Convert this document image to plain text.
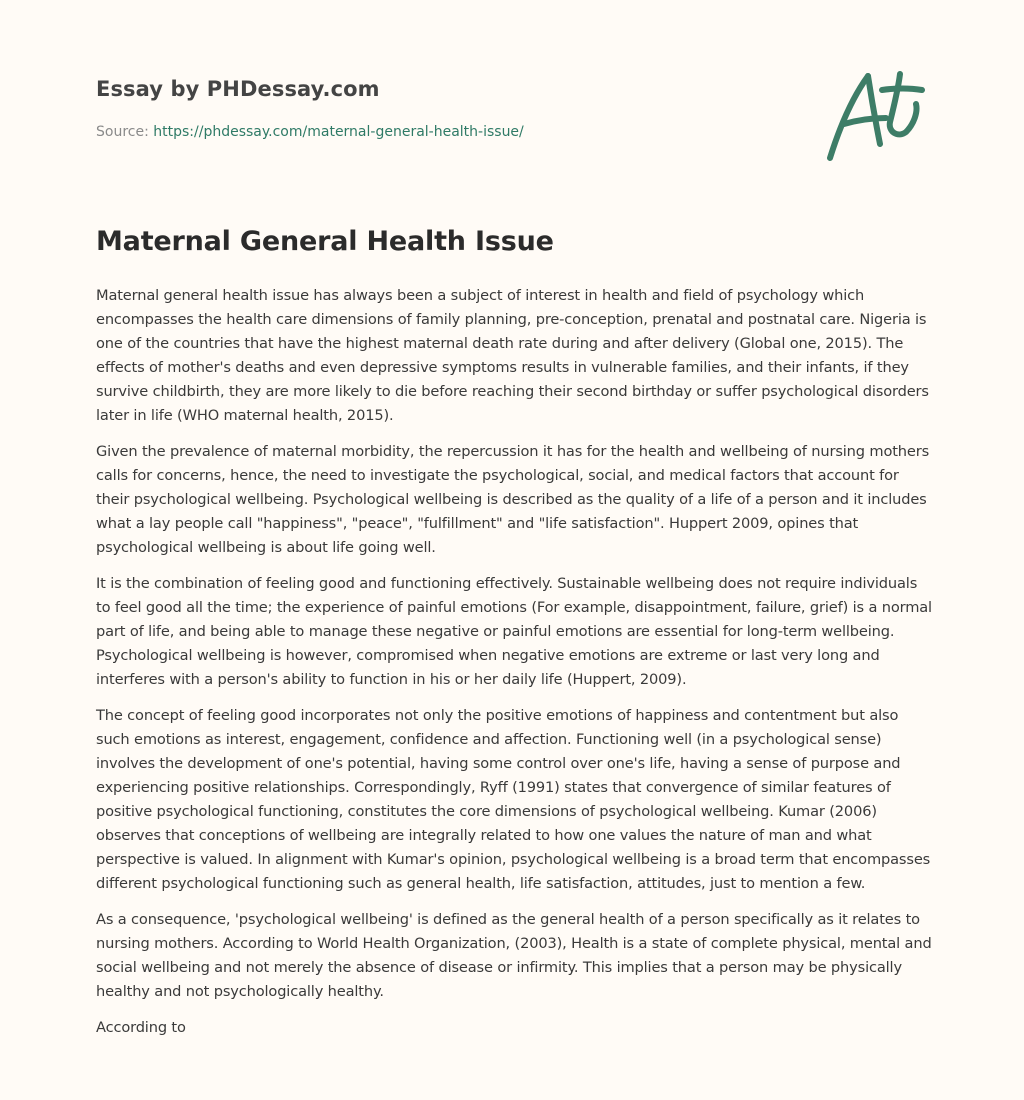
Essay by PHDessay.com
Source: https://phdessay.com/maternal-general-health-issue/
Maternal General Health Issue

Maternal general health issue has always been a subject of interest in health and field of psychology which encompasses the health care dimensions of family planning, pre-conception, prenatal and postnatal care. Nigeria is one of the countries that have the highest maternal death rate during and after delivery (Global one, 2015). The effects of mother's deaths and even depressive symptoms results in vulnerable families, and their infants, if they survive childbirth, they are more likely to die before reaching their second birthday or suffer psychological disorders later in life (WHO maternal health, 2015).

Given the prevalence of maternal morbidity, the repercussion it has for the health and wellbeing of nursing mothers calls for concerns, hence, the need to investigate the psychological, social, and medical factors that account for their psychological wellbeing. Psychological wellbeing is described as the quality of a life of a person and it includes what a lay people call "happiness", "peace", "fulfillment" and "life satisfaction". Huppert 2009, opines that psychological wellbeing is about life going well.

It is the combination of feeling good and functioning effectively. Sustainable wellbeing does not require individuals to feel good all the time; the experience of painful emotions (For example, disappointment, failure, grief) is a normal part of life, and being able to manage these negative or painful emotions are essential for long-term wellbeing. Psychological wellbeing is however, compromised when negative emotions are extreme or last very long and interferes with a person's ability to function in his or her daily life (Huppert, 2009).

The concept of feeling good incorporates not only the positive emotions of happiness and contentment but also such emotions as interest, engagement, confidence and affection. Functioning well (in a psychological sense) involves the development of one's potential, having some control over one's life, having a sense of purpose and experiencing positive relationships. Correspondingly, Ryff (1991) states that convergence of similar features of positive psychological functioning, constitutes the core dimensions of psychological wellbeing. Kumar (2006) observes that conceptions of wellbeing are integrally related to how one values the nature of man and what perspective is valued. In alignment with Kumar's opinion, psychological wellbeing is a broad term that encompasses different psychological functioning such as general health, life satisfaction, attitudes, just to mention a few.

As a consequence, 'psychological wellbeing' is defined as the general health of a person specifically as it relates to nursing mothers. According to World Health Organization, (2003), Health is a state of complete physical, mental and social wellbeing and not merely the absence of disease or infirmity. This implies that a person may be physically healthy and not psychologically healthy.

According to
